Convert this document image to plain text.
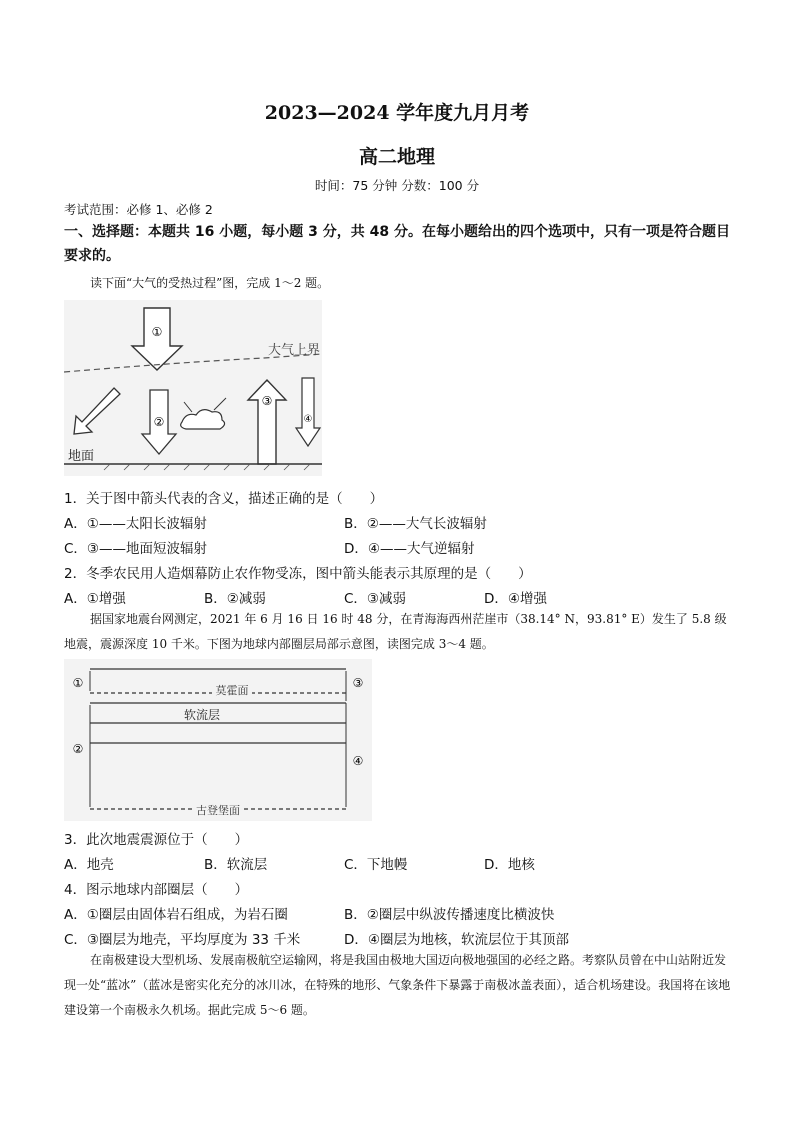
2023—2024 学年度九月月考
高二地理
时间：75 分钟 分数：100 分
考试范围：必修 1、必修 2
一、选择题：本题共 16 小题，每小题 3 分，共 48 分。在每小题给出的四个选项中，只有一项是符合题目要求的。
读下面“大气的受热过程”图，完成 1～2 题。
①
大气上界
②
③
④
地面
1．关于图中箭头代表的含义，描述正确的是（　　）
A．①——太阳长波辐射	B．②——大气长波辐射
C．③——地面短波辐射	D．④——大气逆辐射
2．冬季农民用人造烟幕防止农作物受冻，图中箭头能表示其原理的是（　　）
A．①增强	B．②减弱	C．③减弱	D．④增强
据国家地震台网测定，2021 年 6 月 16 日 16 时 48 分，在青海海西州茫崖市（38.14° N，93.81° E）发生了 5.8 级地震，震源深度 10 千米。下图为地球内部圈层局部示意图，读图完成 3～4 题。
莫霍面
软流层
古登堡面
①
②
③
④
3．此次地震震源位于（　　）
A．地壳	B．软流层	C．下地幔	D．地核
4．图示地球内部圈层（　　）
A．①圈层由固体岩石组成，为岩石圈	B．②圈层中纵波传播速度比横波快
C．③圈层为地壳，平均厚度为 33 千米	D．④圈层为地核，软流层位于其顶部
在南极建设大型机场、发展南极航空运输网，将是我国由极地大国迈向极地强国的必经之路。考察队员曾在中山站附近发现一处“蓝冰”（蓝冰是密实化充分的冰川冰，在特殊的地形、气象条件下暴露于南极冰盖表面），适合机场建设。我国将在该地建设第一个南极永久机场。据此完成 5～6 题。
